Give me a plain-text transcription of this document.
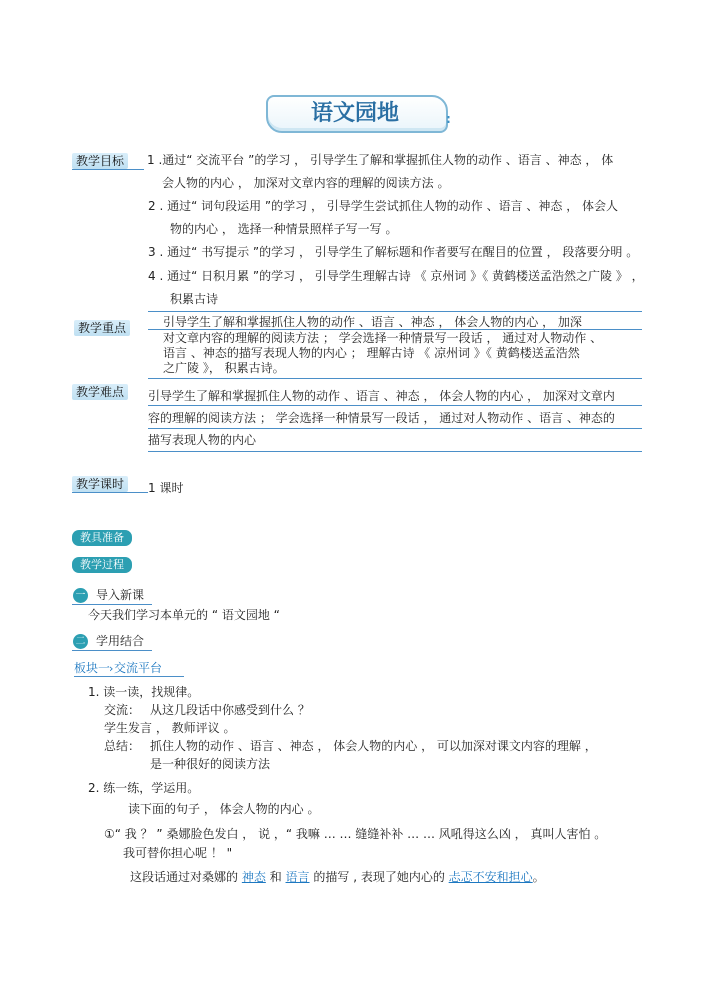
语文园地	:
教学目标	1 .通过“ 交流平台 ”的学习 ， 引导学生了解和掌握抓住人物的动作 、语言 、神态 ， 体
会人物的内心 ， 加深对文章内容的理解的阅读方法 。
2 . 通过“ 词句段运用 ”的学习 ， 引导学生尝试抓住人物的动作 、语言 、神态 ， 体会人
物的内心 ， 选择一种情景照样子写一写 。
3 . 通过“ 书写提示 ”的学习 ， 引导学生了解标题和作者要写在醒目的位置 ， 段落要分明 。
4 . 通过“ 日积月累 ”的学习 ， 引导学生理解古诗 《 京州词 》《 黄鹤楼送孟浩然之广陵 》 ，
积累古诗
教学重点	引导学生了解和掌握抓住人物的动作 、语言 、神态 ， 体会人物的内心 ， 加深
对文章内容的理解的阅读方法 ； 学会选择一种情景写一段话 ， 通过对人物动作 、
语言 、神态的描写表现人物的内心 ； 理解古诗 《 凉州词 》《 黄鹤楼送孟浩然
之广陵 》， 积累古诗。
教学难点	引导学生了解和掌握抓住人物的动作 、语言 、神态 ， 体会人物的内心 ， 加深对文章内
容的理解的阅读方法 ； 学会选择一种情景写一段话 ， 通过对人物动作 、语言 、神态的
描写表现人物的内心
教学课时	1 课时
教具准备
教学过程
一 导入新课
今天我们学习本单元的 “ 语文园地 “
二 学用结合
板块一
› 交流平台
1. 读一读，找规律。
交流： 从这几段话中你感受到什么 ？
学生发言 ， 教师评议 。
总结： 抓住人物的动作 、语言 、神态 ， 体会人物的内心 ， 可以加深对课文内容的理解 ，
是一种很好的阅读方法
2. 练一练，学运用。
读下面的句子 ， 体会人物的内心 。
①“ 我 ？ ” 桑娜脸色发白 ， 说 ，“ 我嘛 … … 缝缝补补 … … 风吼得这么凶 ， 真叫人害怕 。
我可替你担心呢 ！ "
这段话通过对桑娜的 神态 和 语言 的描写 , 表现了她内心的 忐忑不安和担心。
